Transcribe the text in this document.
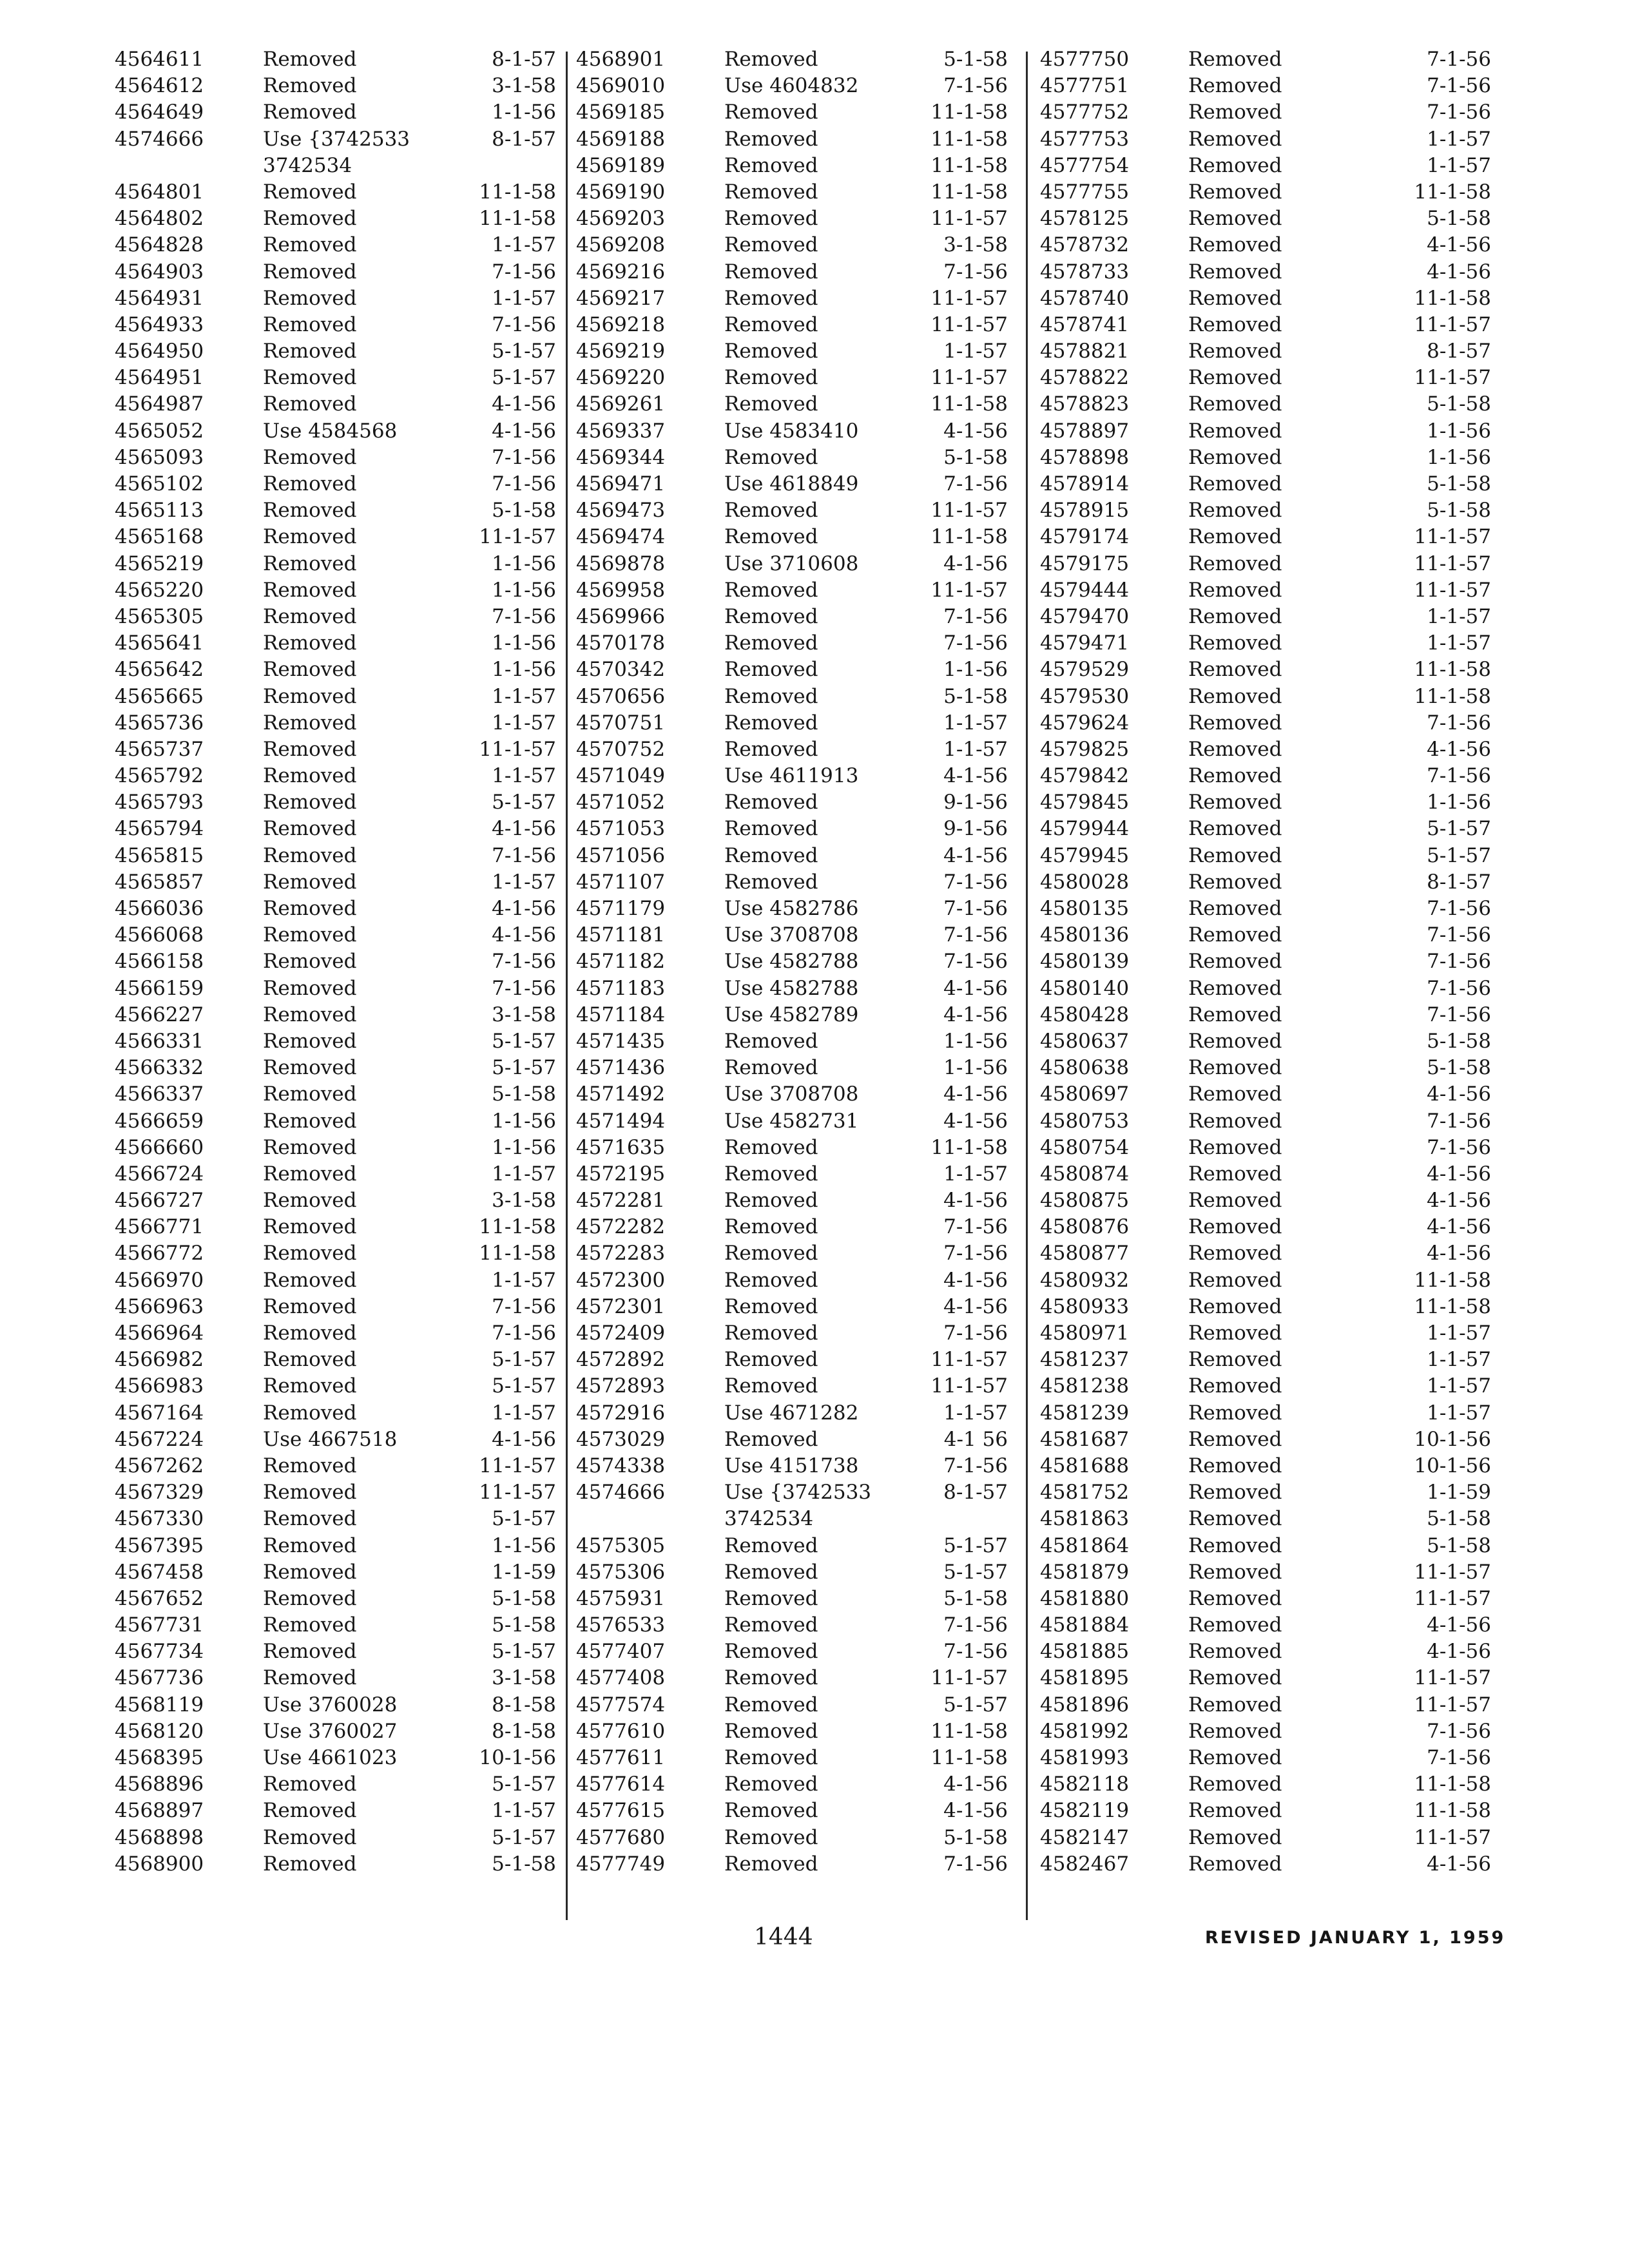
4564611	Removed	8-1-57
4564612	Removed	3-1-58
4564649	Removed	1-1-56
4574666	Use {3742533	8-1-57
3742534
4564801	Removed	11-1-58
4564802	Removed	11-1-58
4564828	Removed	1-1-57
4564903	Removed	7-1-56
4564931	Removed	1-1-57
4564933	Removed	7-1-56
4564950	Removed	5-1-57
4564951	Removed	5-1-57
4564987	Removed	4-1-56
4565052	Use 4584568	4-1-56
4565093	Removed	7-1-56
4565102	Removed	7-1-56
4565113	Removed	5-1-58
4565168	Removed	11-1-57
4565219	Removed	1-1-56
4565220	Removed	1-1-56
4565305	Removed	7-1-56
4565641	Removed	1-1-56
4565642	Removed	1-1-56
4565665	Removed	1-1-57
4565736	Removed	1-1-57
4565737	Removed	11-1-57
4565792	Removed	1-1-57
4565793	Removed	5-1-57
4565794	Removed	4-1-56
4565815	Removed	7-1-56
4565857	Removed	1-1-57
4566036	Removed	4-1-56
4566068	Removed	4-1-56
4566158	Removed	7-1-56
4566159	Removed	7-1-56
4566227	Removed	3-1-58
4566331	Removed	5-1-57
4566332	Removed	5-1-57
4566337	Removed	5-1-58
4566659	Removed	1-1-56
4566660	Removed	1-1-56
4566724	Removed	1-1-57
4566727	Removed	3-1-58
4566771	Removed	11-1-58
4566772	Removed	11-1-58
4566970	Removed	1-1-57
4566963	Removed	7-1-56
4566964	Removed	7-1-56
4566982	Removed	5-1-57
4566983	Removed	5-1-57
4567164	Removed	1-1-57
4567224	Use 4667518	4-1-56
4567262	Removed	11-1-57
4567329	Removed	11-1-57
4567330	Removed	5-1-57
4567395	Removed	1-1-56
4567458	Removed	1-1-59
4567652	Removed	5-1-58
4567731	Removed	5-1-58
4567734	Removed	5-1-57
4567736	Removed	3-1-58
4568119	Use 3760028	8-1-58
4568120	Use 3760027	8-1-58
4568395	Use 4661023	10-1-56
4568896	Removed	5-1-57
4568897	Removed	1-1-57
4568898	Removed	5-1-57
4568900	Removed	5-1-58
4568901	Removed	5-1-58
4569010	Use 4604832	7-1-56
4569185	Removed	11-1-58
4569188	Removed	11-1-58
4569189	Removed	11-1-58
4569190	Removed	11-1-58
4569203	Removed	11-1-57
4569208	Removed	3-1-58
4569216	Removed	7-1-56
4569217	Removed	11-1-57
4569218	Removed	11-1-57
4569219	Removed	1-1-57
4569220	Removed	11-1-57
4569261	Removed	11-1-58
4569337	Use 4583410	4-1-56
4569344	Removed	5-1-58
4569471	Use 4618849	7-1-56
4569473	Removed	11-1-57
4569474	Removed	11-1-58
4569878	Use 3710608	4-1-56
4569958	Removed	11-1-57
4569966	Removed	7-1-56
4570178	Removed	7-1-56
4570342	Removed	1-1-56
4570656	Removed	5-1-58
4570751	Removed	1-1-57
4570752	Removed	1-1-57
4571049	Use 4611913	4-1-56
4571052	Removed	9-1-56
4571053	Removed	9-1-56
4571056	Removed	4-1-56
4571107	Removed	7-1-56
4571179	Use 4582786	7-1-56
4571181	Use 3708708	7-1-56
4571182	Use 4582788	7-1-56
4571183	Use 4582788	4-1-56
4571184	Use 4582789	4-1-56
4571435	Removed	1-1-56
4571436	Removed	1-1-56
4571492	Use 3708708	4-1-56
4571494	Use 4582731	4-1-56
4571635	Removed	11-1-58
4572195	Removed	1-1-57
4572281	Removed	4-1-56
4572282	Removed	7-1-56
4572283	Removed	7-1-56
4572300	Removed	4-1-56
4572301	Removed	4-1-56
4572409	Removed	7-1-56
4572892	Removed	11-1-57
4572893	Removed	11-1-57
4572916	Use 4671282	1-1-57
4573029	Removed	4-1 56
4574338	Use 4151738	7-1-56
4574666	Use {3742533	8-1-57
3742534
4575305	Removed	5-1-57
4575306	Removed	5-1-57
4575931	Removed	5-1-58
4576533	Removed	7-1-56
4577407	Removed	7-1-56
4577408	Removed	11-1-57
4577574	Removed	5-1-57
4577610	Removed	11-1-58
4577611	Removed	11-1-58
4577614	Removed	4-1-56
4577615	Removed	4-1-56
4577680	Removed	5-1-58
4577749	Removed	7-1-56
4577750	Removed	7-1-56
4577751	Removed	7-1-56
4577752	Removed	7-1-56
4577753	Removed	1-1-57
4577754	Removed	1-1-57
4577755	Removed	11-1-58
4578125	Removed	5-1-58
4578732	Removed	4-1-56
4578733	Removed	4-1-56
4578740	Removed	11-1-58
4578741	Removed	11-1-57
4578821	Removed	8-1-57
4578822	Removed	11-1-57
4578823	Removed	5-1-58
4578897	Removed	1-1-56
4578898	Removed	1-1-56
4578914	Removed	5-1-58
4578915	Removed	5-1-58
4579174	Removed	11-1-57
4579175	Removed	11-1-57
4579444	Removed	11-1-57
4579470	Removed	1-1-57
4579471	Removed	1-1-57
4579529	Removed	11-1-58
4579530	Removed	11-1-58
4579624	Removed	7-1-56
4579825	Removed	4-1-56
4579842	Removed	7-1-56
4579845	Removed	1-1-56
4579944	Removed	5-1-57
4579945	Removed	5-1-57
4580028	Removed	8-1-57
4580135	Removed	7-1-56
4580136	Removed	7-1-56
4580139	Removed	7-1-56
4580140	Removed	7-1-56
4580428	Removed	7-1-56
4580637	Removed	5-1-58
4580638	Removed	5-1-58
4580697	Removed	4-1-56
4580753	Removed	7-1-56
4580754	Removed	7-1-56
4580874	Removed	4-1-56
4580875	Removed	4-1-56
4580876	Removed	4-1-56
4580877	Removed	4-1-56
4580932	Removed	11-1-58
4580933	Removed	11-1-58
4580971	Removed	1-1-57
4581237	Removed	1-1-57
4581238	Removed	1-1-57
4581239	Removed	1-1-57
4581687	Removed	10-1-56
4581688	Removed	10-1-56
4581752	Removed	1-1-59
4581863	Removed	5-1-58
4581864	Removed	5-1-58
4581879	Removed	11-1-57
4581880	Removed	11-1-57
4581884	Removed	4-1-56
4581885	Removed	4-1-56
4581895	Removed	11-1-57
4581896	Removed	11-1-57
4581992	Removed	7-1-56
4581993	Removed	7-1-56
4582118	Removed	11-1-58
4582119	Removed	11-1-58
4582147	Removed	11-1-57
4582467	Removed	4-1-56
1444	REVISED JANUARY 1, 1959
